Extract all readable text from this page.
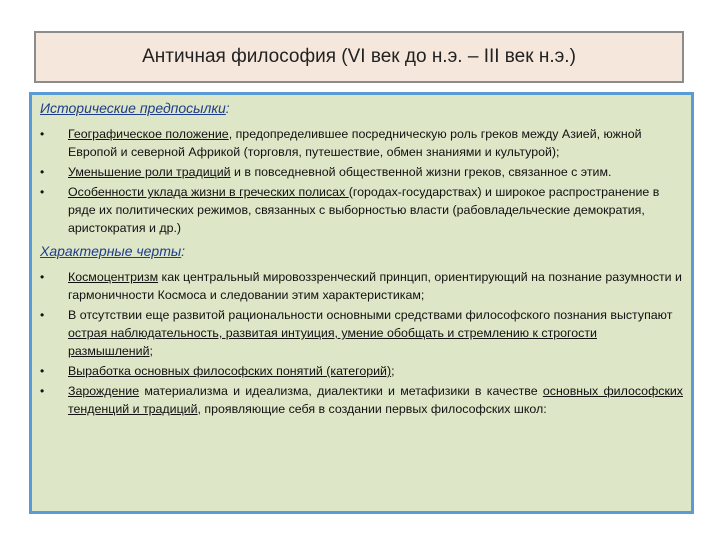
Античная философия (VI век до н.э. – III век н.э.)
Исторические предпосылки:
•	Географическое положение, предопределившее посредническую роль греков между Азией, южной Европой и северной Африкой (торговля, путешествие, обмен знаниями и культурой);
•	Уменьшение роли традиций и в повседневной общественной жизни греков, связанное с этим.
•	Особенности уклада жизни в греческих полисах (городах-государствах) и широкое распространение в ряде их политических режимов, связанных с выборностью власти (рабовладельческие демократия, аристократия и др.)
Характерные черты:
•	Космоцентризм как центральный мировоззренческий принцип, ориентирующий на познание разумности и гармоничности Космоса и следовании этим характеристикам;
•	В отсутствии еще развитой рациональности основными средствами философского познания выступают острая наблюдательность, развитая интуиция, умение обобщать и стремлению к строгости размышлений;
•	Выработка основных философских понятий (категорий);
•	Зарождение материализма и идеализма, диалектики и метафизики в качестве основных философских тенденций и традиций, проявляющие себя в создании первых философских школ:
